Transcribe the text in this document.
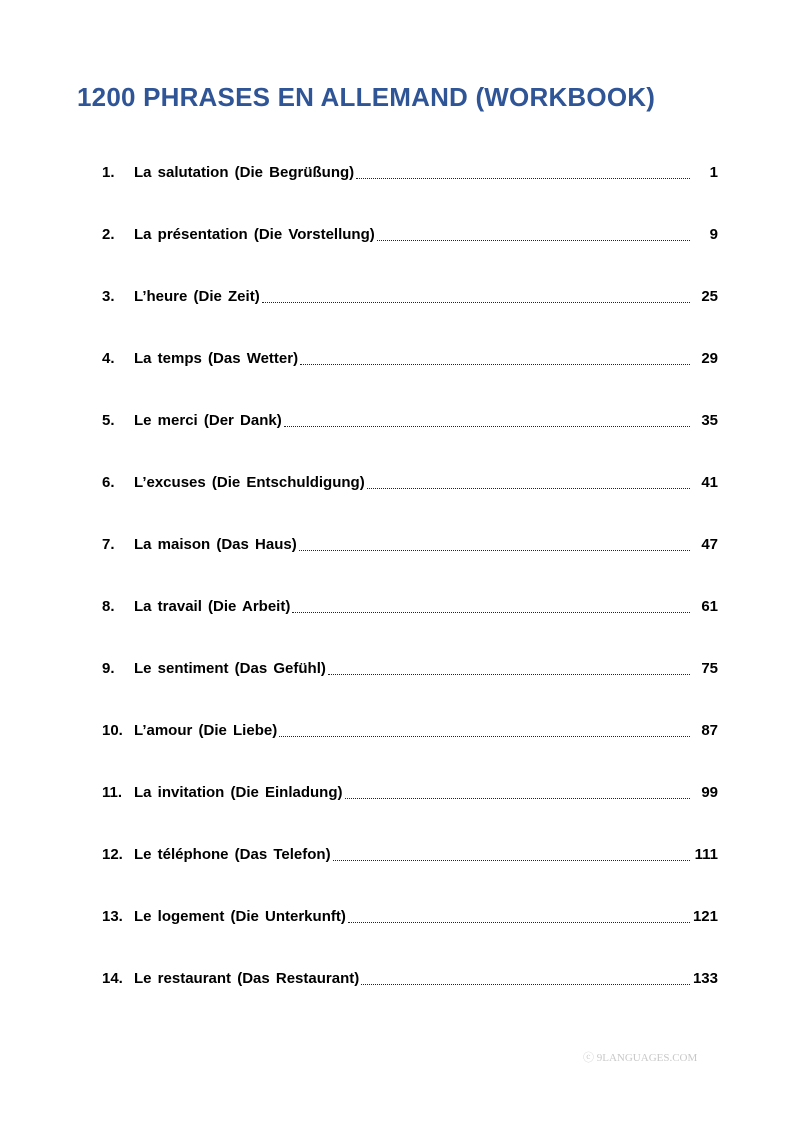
1200 PHRASES EN ALLEMAND (WORKBOOK)
1.	La salutation (Die Begrüßung)	1
2.	La présentation (Die Vorstellung)	9
3.	L’heure (Die Zeit)	25
4.	La temps (Das Wetter)	29
5.	Le merci (Der Dank)	35
6.	L’excuses (Die Entschuldigung)	41
7.	La maison (Das Haus)	47
8.	La travail (Die Arbeit)	61
9.	Le sentiment (Das Gefühl)	75
10. L’amour (Die Liebe)	87
11. La invitation (Die Einladung)	99
12. Le téléphone (Das Telefon)	111
13. Le logement (Die Unterkunft)	121
14. Le restaurant (Das Restaurant)	133
ⓒ 9LANGUAGES.COM
